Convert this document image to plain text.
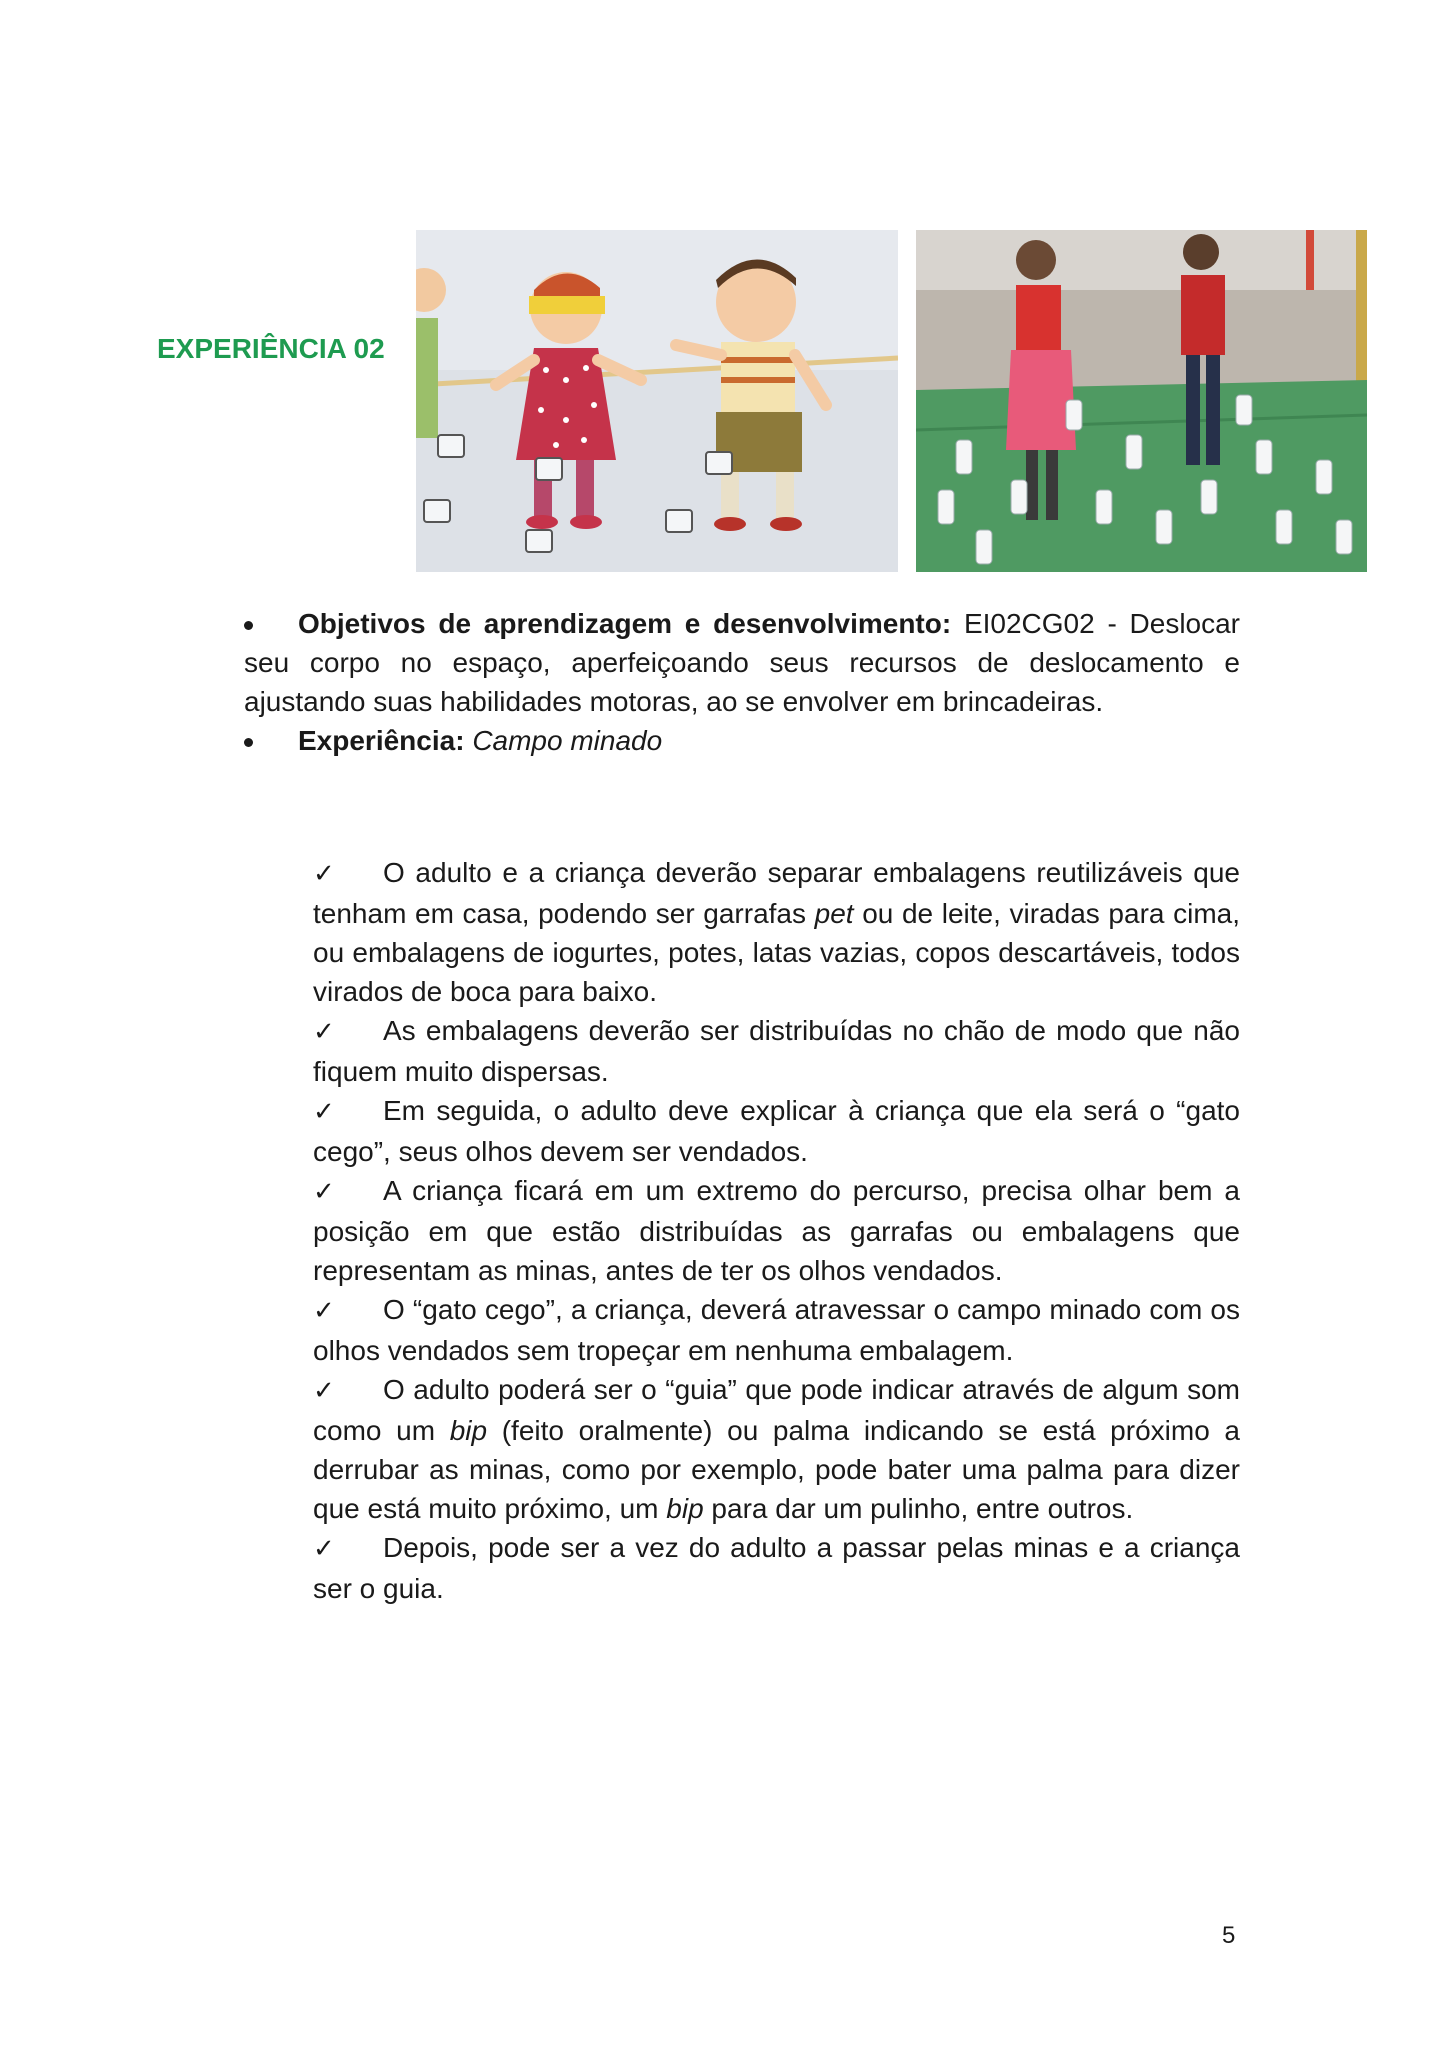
EXPERIÊNCIA 02
Objetivos de aprendizagem e desenvolvimento: EI02CG02 - Deslocar seu corpo no espaço, aperfeiçoando seus recursos de deslocamento e ajustando suas habilidades motoras, ao se envolver em brincadeiras.
Experiência: Campo minado
✓ O adulto e a criança deverão separar embalagens reutilizáveis que tenham em casa, podendo ser garrafas pet ou de leite, viradas para cima, ou embalagens de iogurtes, potes, latas vazias, copos descartáveis, todos virados de boca para baixo.
✓ As embalagens deverão ser distribuídas no chão de modo que não fiquem muito dispersas.
✓ Em seguida, o adulto deve explicar à criança que ela será o “gato cego”, seus olhos devem ser vendados.
✓ A criança ficará em um extremo do percurso, precisa olhar bem a posição em que estão distribuídas as garrafas ou embalagens que representam as minas, antes de ter os olhos vendados.
✓ O “gato cego”, a criança, deverá atravessar o campo minado com os olhos vendados sem tropeçar em nenhuma embalagem.
✓ O adulto poderá ser o “guia” que pode indicar através de algum som como um bip (feito oralmente) ou palma indicando se está próximo a derrubar as minas, como por exemplo, pode bater uma palma para dizer que está muito próximo, um bip para dar um pulinho, entre outros.
✓ Depois, pode ser a vez do adulto a passar pelas minas e a criança ser o guia.
5
